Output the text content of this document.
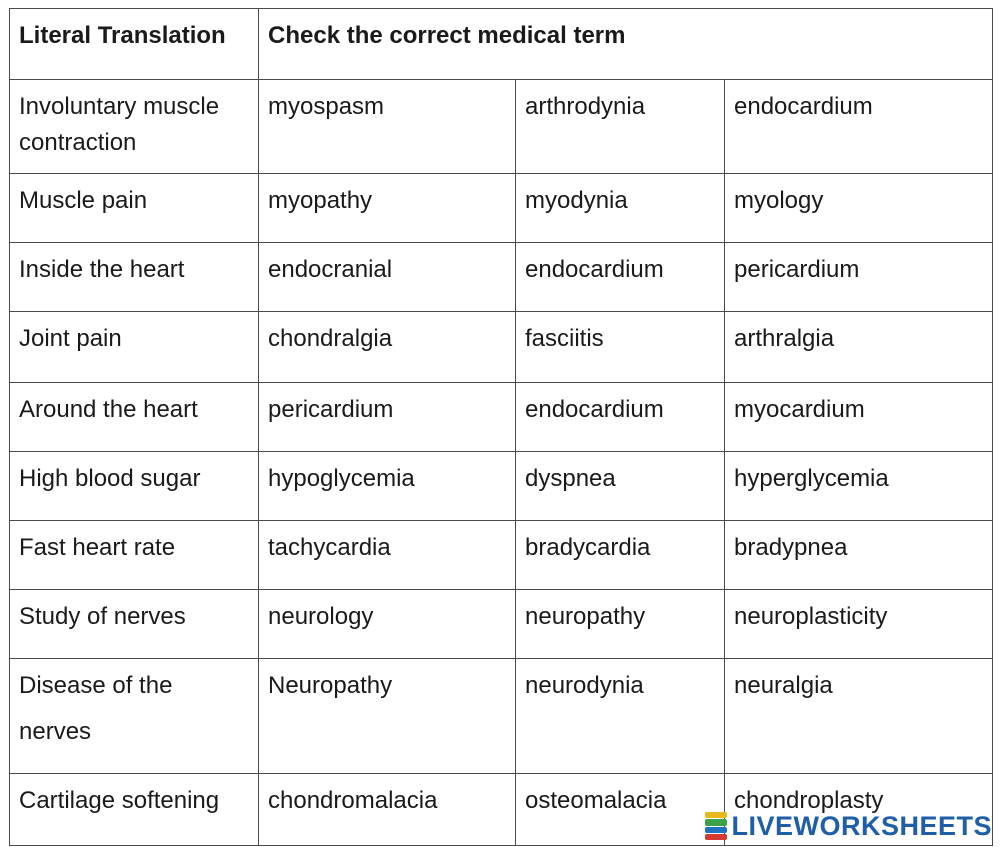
Literal Translation	Check the correct medical term		
Involuntary muscle contraction	myospasm	arthrodynia	endocardium
Muscle pain	myopathy	myodynia	myology
Inside the heart	endocranial	endocardium	pericardium
Joint pain	chondralgia	fasciitis	arthralgia
Around the heart	pericardium	endocardium	myocardium
High blood sugar	hypoglycemia	dyspnea	hyperglycemia
Fast heart rate	tachycardia	bradycardia	bradypnea
Study of nerves	neurology	neuropathy	neuroplasticity
Disease of the nerves	Neuropathy	neurodynia	neuralgia
Cartilage softening	chondromalacia	osteomalacia	chondroplasty
LIVEWORKSHEETS
